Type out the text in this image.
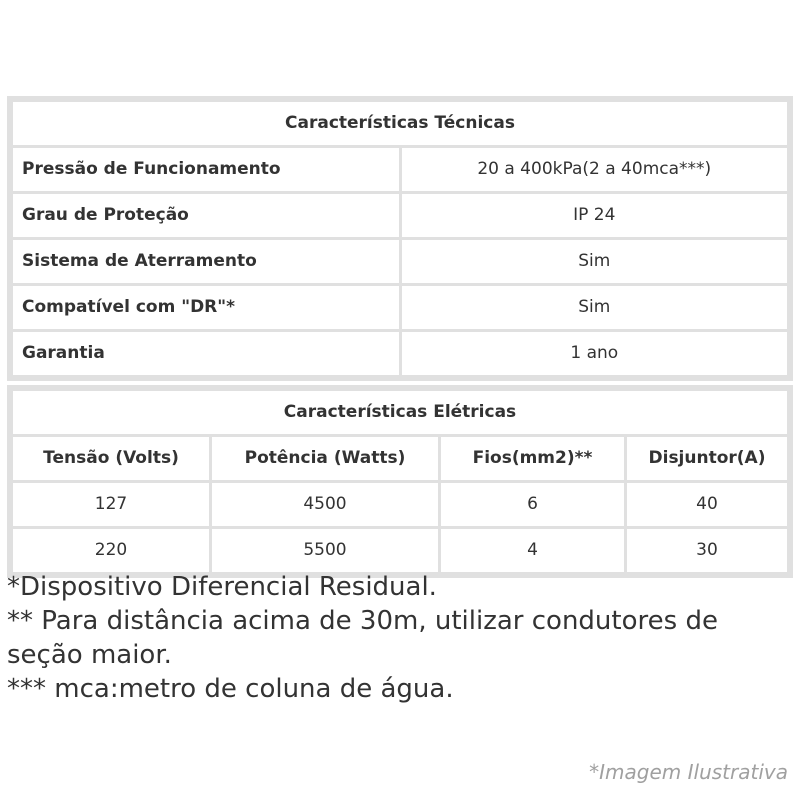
Características Técnicas	
Pressão de Funcionamento	20 a 400kPa(2 a 40mca***)
Grau de Proteção	IP 24
Sistema de Aterramento	Sim
Compatível com "DR"*	Sim
Garantia	1 ano
Características Elétricas			
Tensão (Volts)	Potência (Watts)	Fios(mm2)**	Disjuntor(A)
127	4500	6	40
220	5500	4	30

*Dispositivo Diferencial Residual.

** Para distância acima de 30m, utilizar condutores de seção maior.

*** mca:metro de coluna de água.

*Imagem Ilustrativa
